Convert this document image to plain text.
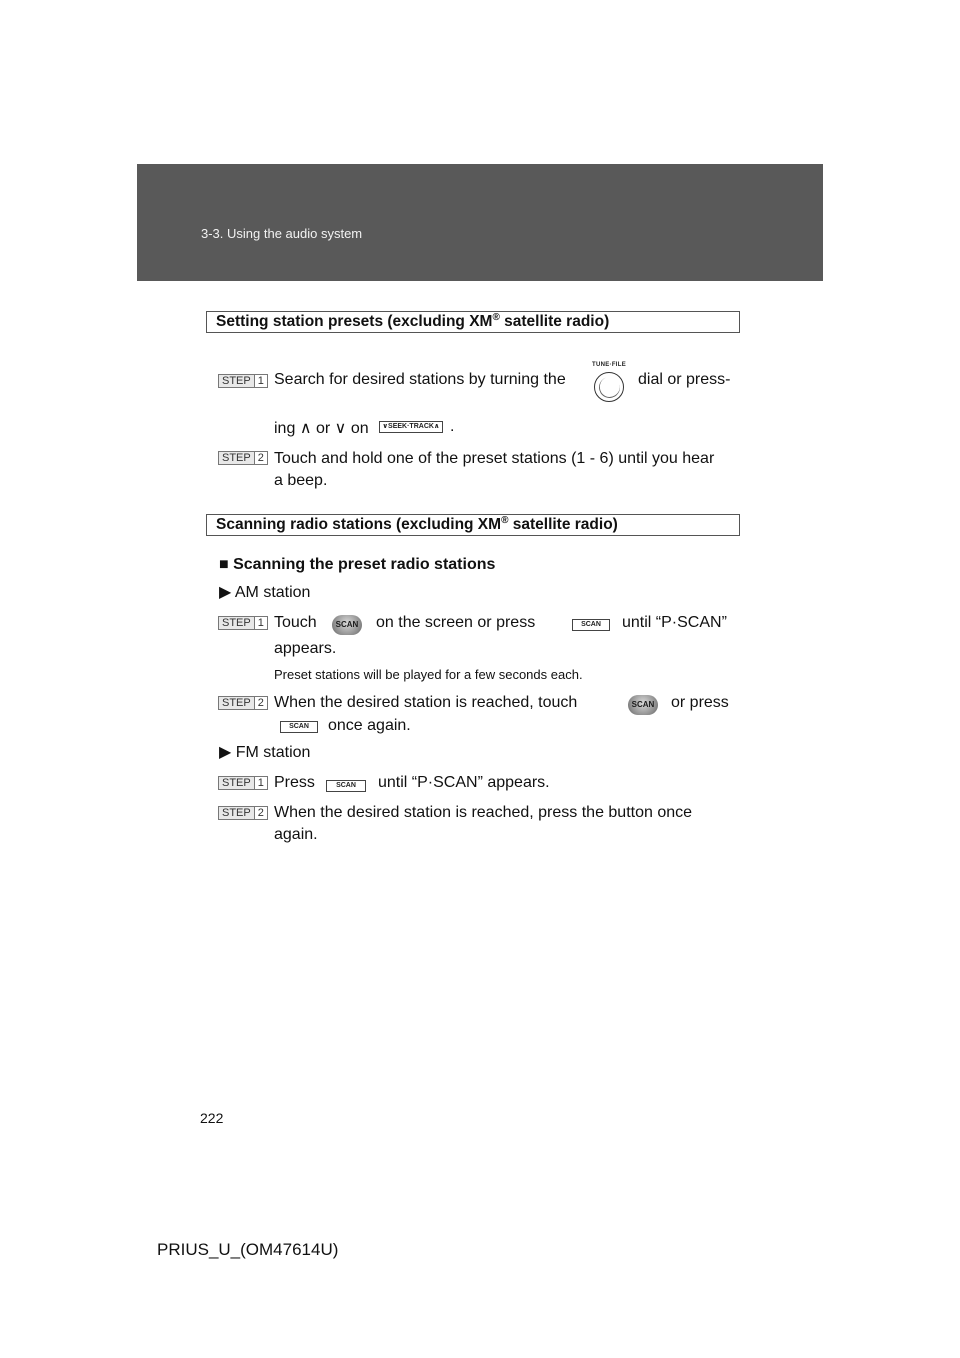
3-3. Using the audio system
Setting station presets (excluding XM® satellite radio)
STEP 1 Search for desired stations by turning the
TUNE·FILE
dial or press-
ing ∧ or ∨ on	∨SEEK·TRACK∧ .
STEP 2 Touch and hold one of the preset stations (1 - 6) until you hear
a beep.
Scanning radio stations (excluding XM® satellite radio)
■ Scanning the preset radio stations
▶ AM station
STEP 1 Touch	SCAN on the screen or press	SCAN	until “P·SCAN”
appears.
Preset stations will be played for a few seconds each.
STEP 2 When the desired station is reached, touch	SCAN or press
SCAN	once again.
▶ FM station
STEP 1 Press	SCAN	until “P·SCAN” appears.
STEP 2 When the desired station is reached, press the button once
again.
222
PRIUS_U_(OM47614U)
